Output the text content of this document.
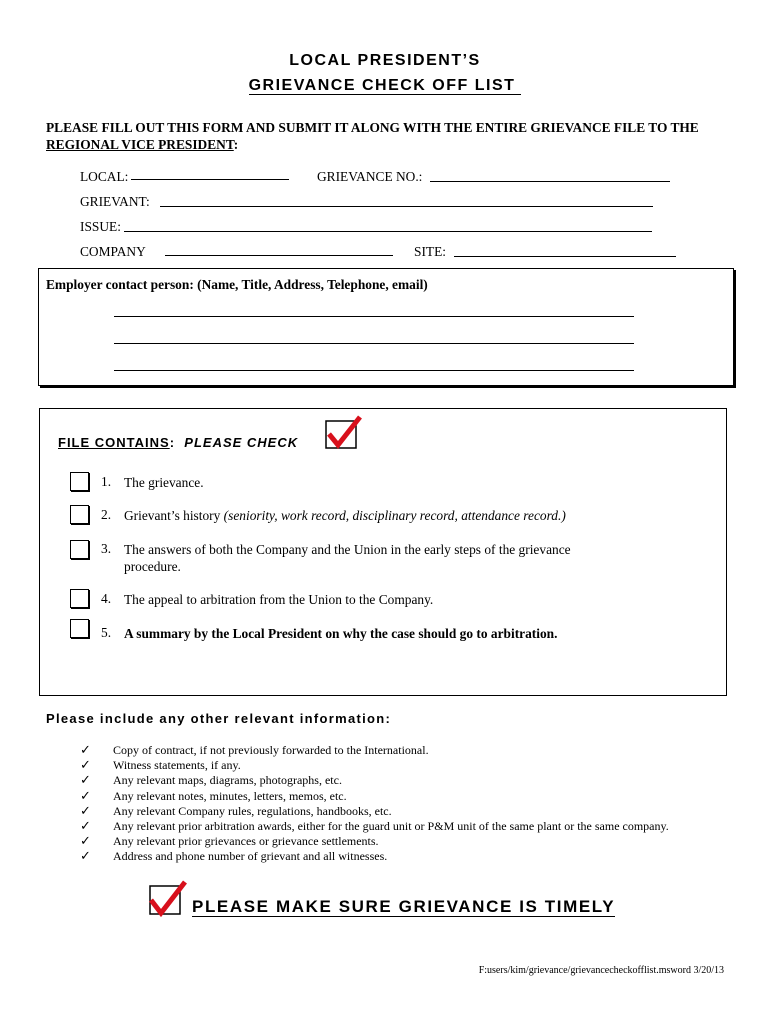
LOCAL PRESIDENT’S
GRIEVANCE CHECK OFF LIST
PLEASE FILL OUT THIS FORM AND SUBMIT IT ALONG WITH THE ENTIRE GRIEVANCE FILE TO THE REGIONAL VICE PRESIDENT:
LOCAL:	GRIEVANCE NO.:
GRIEVANT:
ISSUE:
COMPANY	SITE:
Employer contact person: (Name, Title, Address, Telephone, email)
FILE CONTAINS: PLEASE CHECK
1. The grievance.
2. Grievant’s history (seniority, work record, disciplinary record, attendance record.)
3. The answers of both the Company and the Union in the early steps of the grievance procedure.
4. The appeal to arbitration from the Union to the Company.
5. A summary by the Local President on why the case should go to arbitration.
Please include any other relevant information:
✓ Copy of contract, if not previously forwarded to the International.
✓ Witness statements, if any.
✓ Any relevant maps, diagrams, photographs, etc.
✓ Any relevant notes, minutes, letters, memos, etc.
✓ Any relevant Company rules, regulations, handbooks, etc.
✓ Any relevant prior arbitration awards, either for the guard unit or P&M unit of the same plant or the same company.
✓ Any relevant prior grievances or grievance settlements.
✓ Address and phone number of grievant and all witnesses.
PLEASE MAKE SURE GRIEVANCE IS TIMELY
F:users/kim/grievance/grievancecheckofflist.msword 3/20/13
